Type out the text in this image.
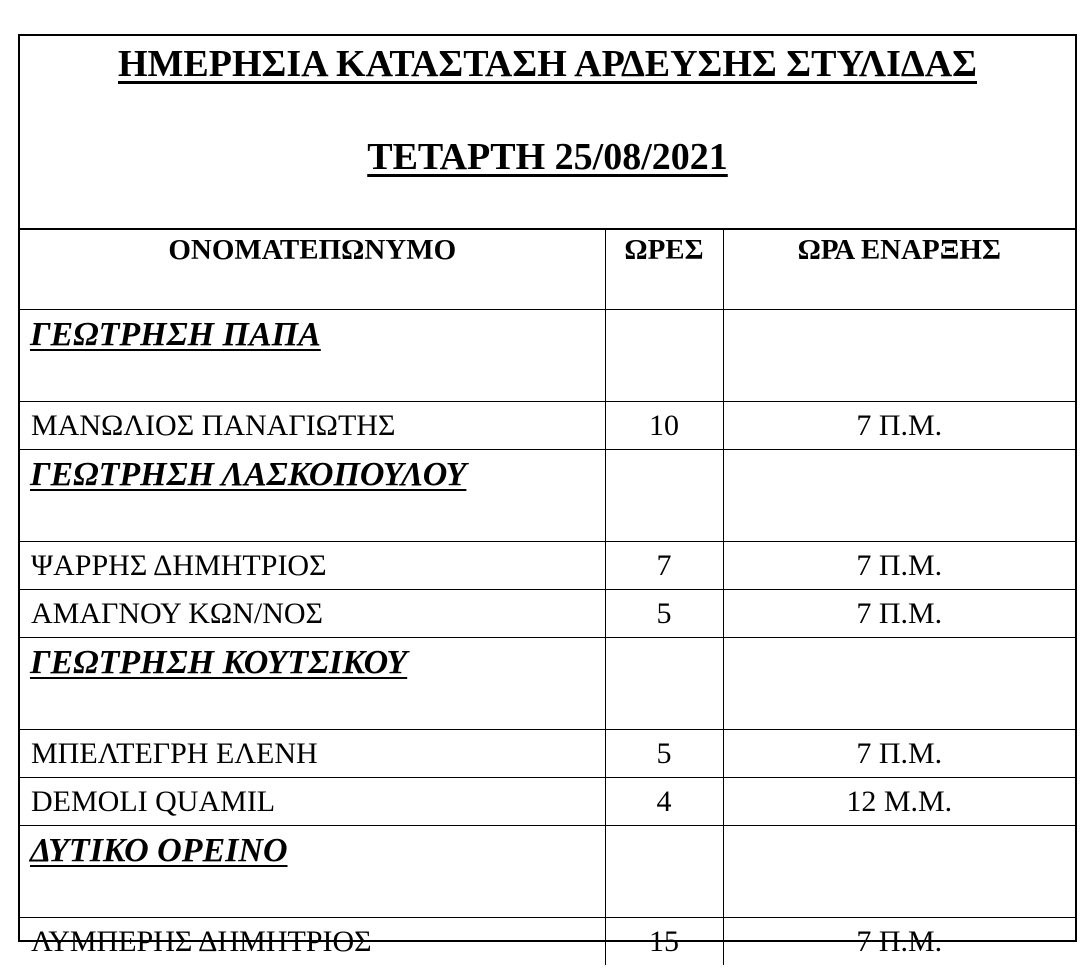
ΗΜΕΡΗΣΙΑ ΚΑΤΑΣΤΑΣΗ ΑΡΔΕΥΣΗΣ ΣΤΥΛΙΔΑΣ
ΤΕΤΑΡΤΗ 25/08/2021
ΟΝΟΜΑΤΕΠΩΝΥΜΟ	ΩΡΕΣ	ΩΡΑ ΕΝΑΡΞΗΣ
ΓΕΩΤΡΗΣΗ ΠΑΠΑ		
ΜΑΝΩΛΙΟΣ ΠΑΝΑΓΙΩΤΗΣ	10	7 Π.Μ.
ΓΕΩΤΡΗΣΗ ΛΑΣΚΟΠΟΥΛΟΥ		
ΨΑΡΡΗΣ ΔΗΜΗΤΡΙΟΣ	7	7 Π.Μ.
ΑΜΑΓΝΟΥ ΚΩΝ/ΝΟΣ	5	7 Π.Μ.
ΓΕΩΤΡΗΣΗ ΚΟΥΤΣΙΚΟΥ		
ΜΠΕΛΤΕΓΡΗ ΕΛΕΝΗ	5	7 Π.Μ.
DEMOLI QUAMIL	4	12 Μ.Μ.
ΔΥΤΙΚΟ ΟΡΕΙΝΟ		
ΛΥΜΠΕΡΗΣ ΔΗΜΗΤΡΙΟΣ	15	7 Π.Μ.
